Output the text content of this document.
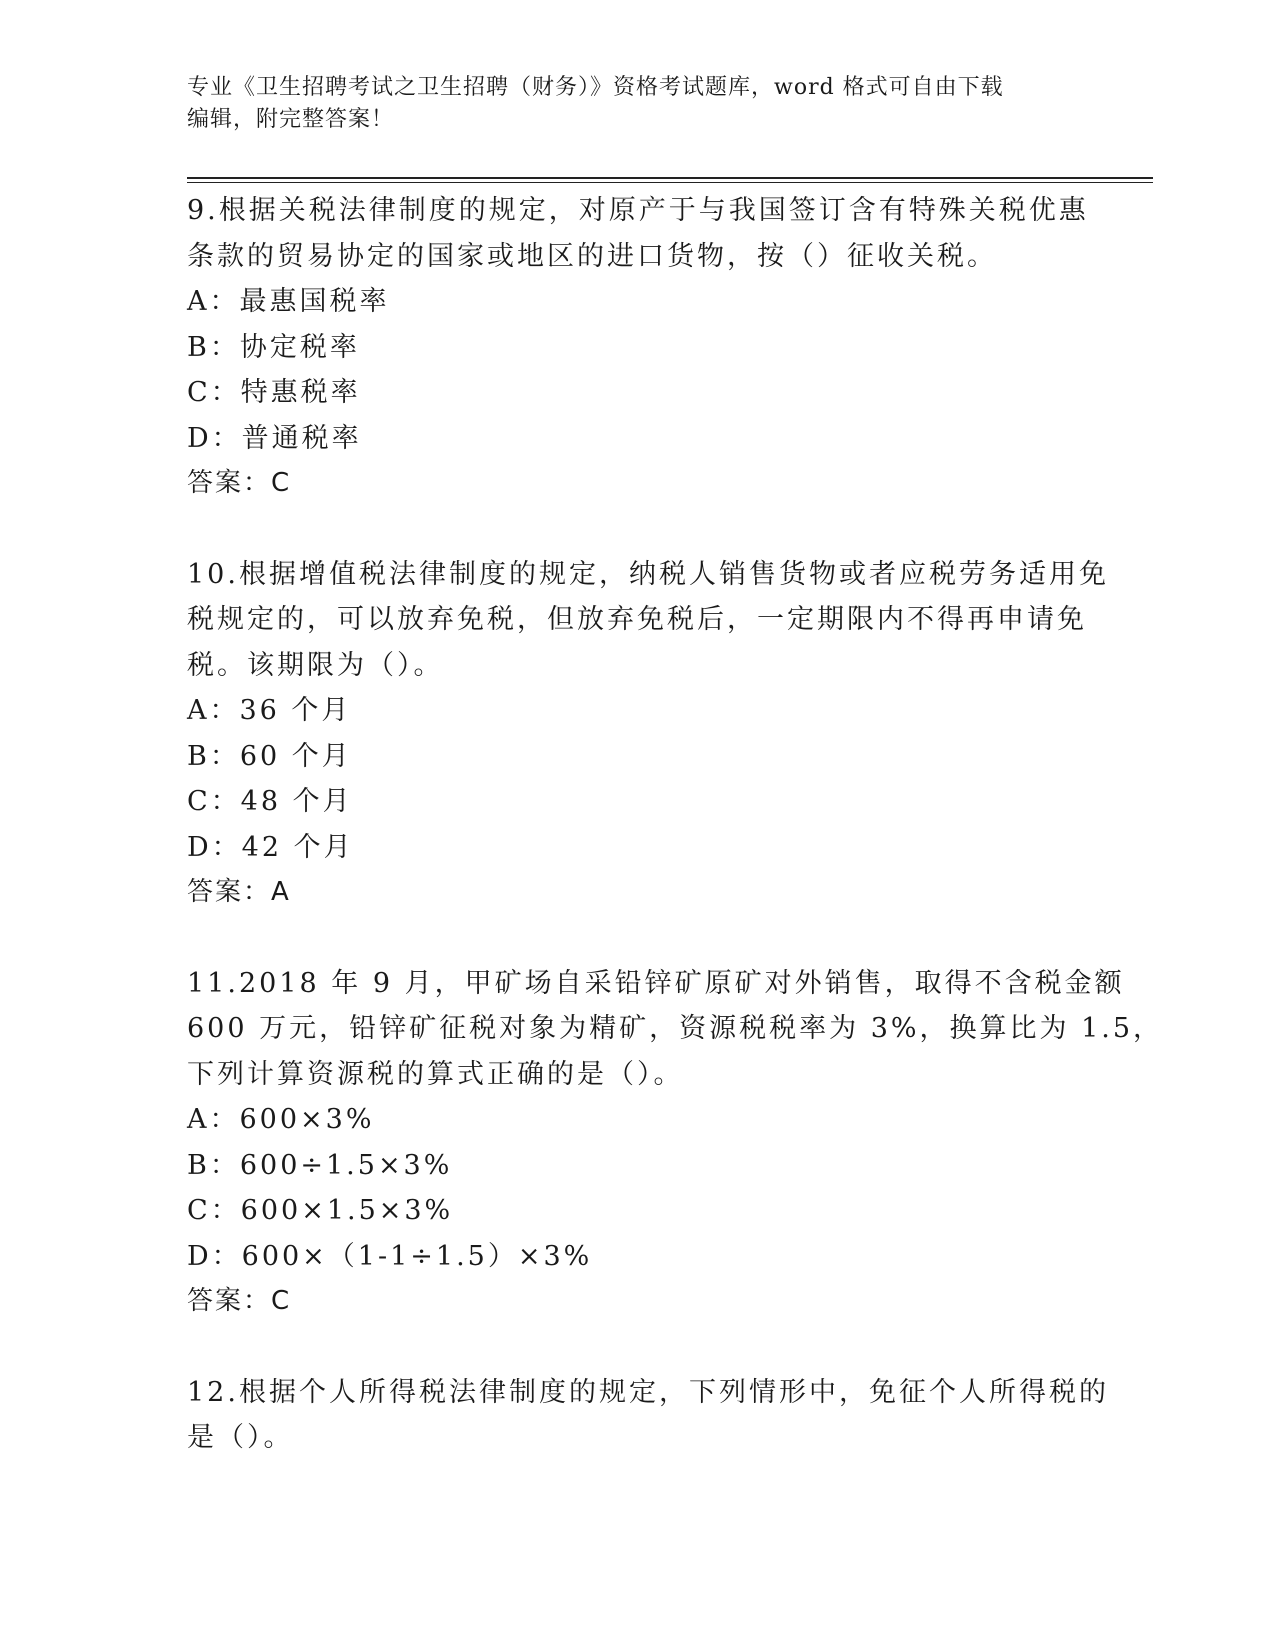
专业《卫生招聘考试之卫生招聘（财务）》资格考试题库，word 格式可自由下载
编辑，附完整答案！
9.根据关税法律制度的规定，对原产于与我国签订含有特殊关税优惠
条款的贸易协定的国家或地区的进口货物，按（）征收关税。
A：最惠国税率
B：协定税率
C：特惠税率
D：普通税率
答案：C
10.根据增值税法律制度的规定，纳税人销售货物或者应税劳务适用免
税规定的，可以放弃免税，但放弃免税后，一定期限内不得再申请免
税。该期限为（）。
A：36 个月
B：60 个月
C：48 个月
D：42 个月
答案：A
11.2018 年 9 月，甲矿场自采铅锌矿原矿对外销售，取得不含税金额
600 万元，铅锌矿征税对象为精矿，资源税税率为 3%，换算比为 1.5，
下列计算资源税的算式正确的是（）。
A：600×3%
B：600÷1.5×3%
C：600×1.5×3%
D：600×（1-1÷1.5）×3%
答案：C
12.根据个人所得税法律制度的规定，下列情形中，免征个人所得税的
是（）。
